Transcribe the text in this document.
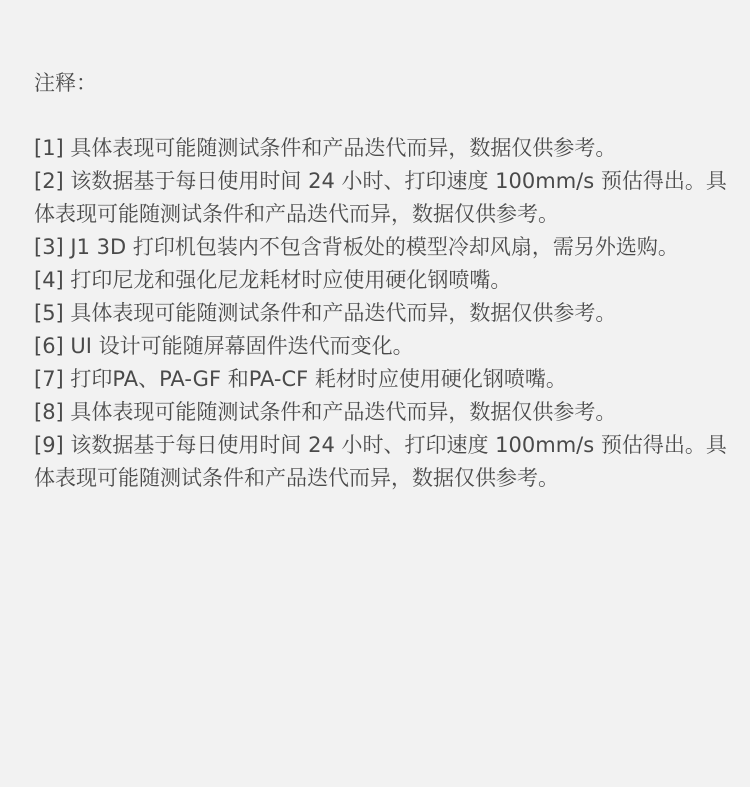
注释：
[1] 具体表现可能随测试条件和产品迭代而异，数据仅供参考。
[2] 该数据基于每日使用时间 24 小时、打印速度 100mm/s 预估得出。具体表现可能随测试条件和产品迭代而异，数据仅供参考。
[3] J1 3D 打印机包装内不包含背板处的模型冷却风扇，需另外选购。
[4] 打印尼龙和强化尼龙耗材时应使用硬化钢喷嘴。
[5] 具体表现可能随测试条件和产品迭代而异，数据仅供参考。
[6] UI 设计可能随屏幕固件迭代而变化。
[7] 打印PA、PA-GF 和PA-CF 耗材时应使用硬化钢喷嘴。
[8] 具体表现可能随测试条件和产品迭代而异，数据仅供参考。
[9] 该数据基于每日使用时间 24 小时、打印速度 100mm/s 预估得出。具体表现可能随测试条件和产品迭代而异，数据仅供参考。
